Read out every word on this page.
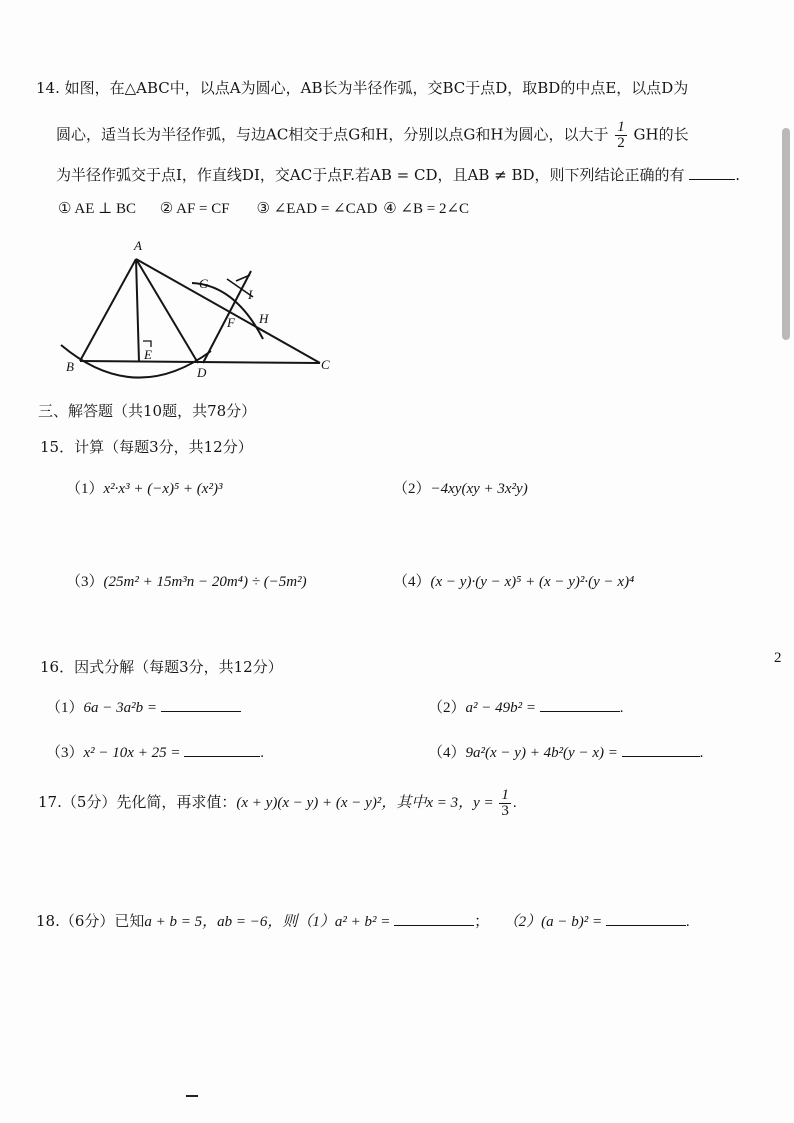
14. 如图，在△ABC中，以点A为圆心，AB长为半径作弧，交BC于点D，取BD的中点E，以点D为
圆心，适当长为半径作弧，与边AC相交于点G和H，分别以点G和H为圆心，以大于 $\frac{1}{2}$ GH的长
为半径作弧交于点I，作直线DI，交AC于点F.若AB = CD，且AB ≠ BD，则下列结论正确的有	.
① AE ⊥ BC ② AF = CF ③ ∠EAD = ∠CAD ④ ∠B = 2∠C
A
B	C
D
E
F
G
H
I
三、解答题（共10题，共78分）
15．计算（每题3分，共12分）
（1）x²·x³ + (−x)⁵ + (x²)³	（2）−4xy(xy + 3x²y)
（3）(25m² + 15m³n − 20m⁴) ÷ (−5m²)	（4）(x − y)·(y − x)⁵ + (x − y)²·(y − x)⁴
2
16．因式分解（每题3分，共12分）
（1）6a − 3a²b =	（2）a² − 49b² =	.
（3）x² − 10x + 25 =	.	（4）9a²(x − y) + 4b²(y − x) =	.
17.（5分）先化简，再求值：(x + y)(x − y) + (x − y)²，其中x = 3，$y = \frac{1}{3}$ .
18.（6分）已知a + b = 5，ab = −6，则（1）a² + b² =	； （2）(a − b)² =	.
